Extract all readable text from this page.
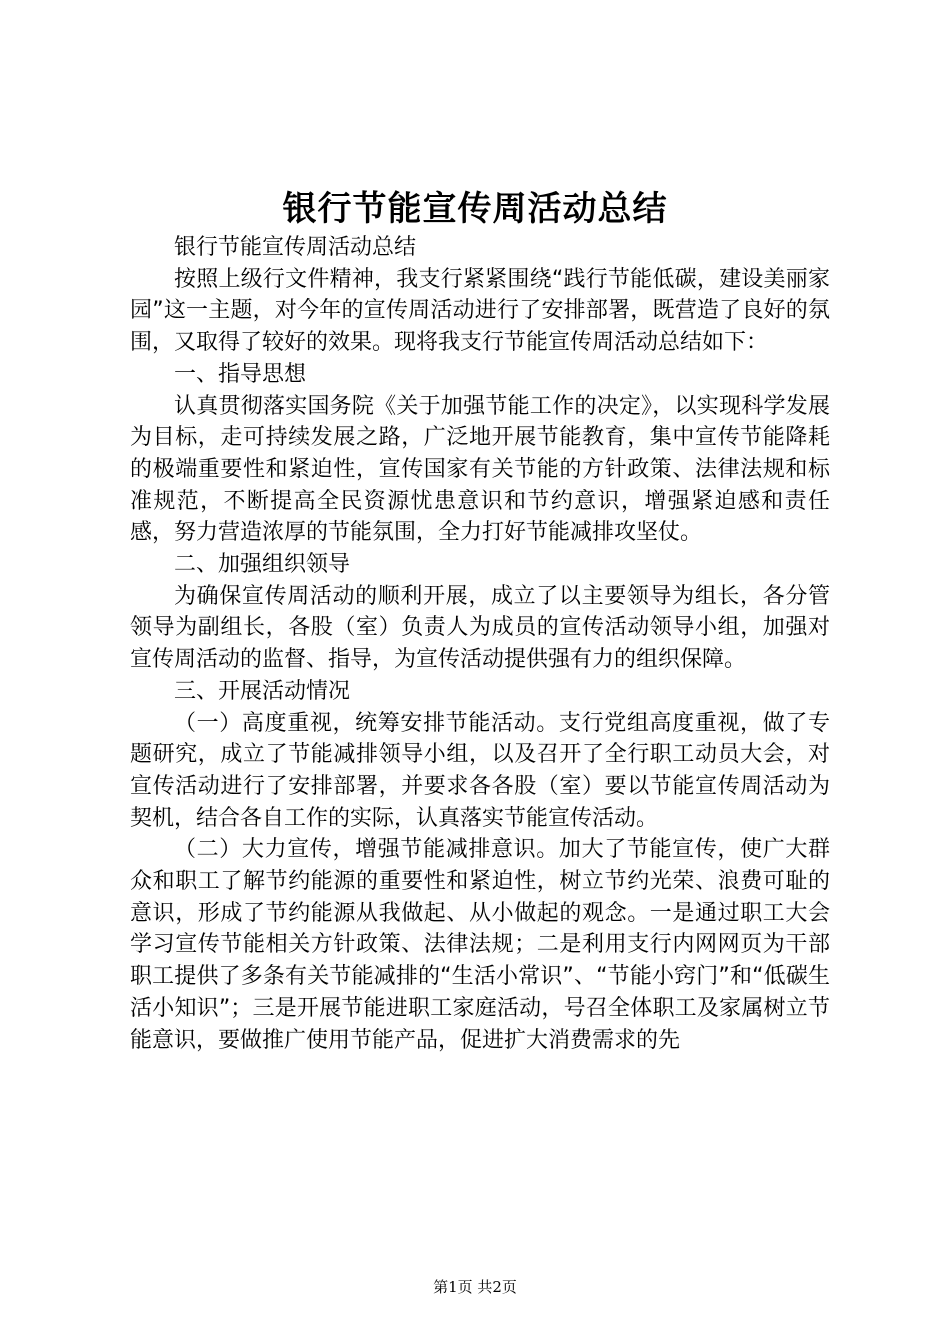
银行节能宣传周活动总结

银行节能宣传周活动总结

按照上级行文件精神，我支行紧紧围绕“践行节能低碳，建设美丽家园”这一主题，对今年的宣传周活动进行了安排部署，既营造了良好的氛围，又取得了较好的效果。现将我支行节能宣传周活动总结如下：

一、指导思想

认真贯彻落实国务院《关于加强节能工作的决定》，以实现科学发展为目标，走可持续发展之路，广泛地开展节能教育，集中宣传节能降耗的极端重要性和紧迫性，宣传国家有关节能的方针政策、法律法规和标准规范，不断提高全民资源忧患意识和节约意识，增强紧迫感和责任感，努力营造浓厚的节能氛围，全力打好节能减排攻坚仗。

二、加强组织领导

为确保宣传周活动的顺利开展，成立了以主要领导为组长，各分管领导为副组长，各股（室）负责人为成员的宣传活动领导小组，加强对宣传周活动的监督、指导，为宣传活动提供强有力的组织保障。

三、开展活动情况

（一）高度重视，统筹安排节能活动。支行党组高度重视，做了专题研究，成立了节能减排领导小组，以及召开了全行职工动员大会，对宣传活动进行了安排部署，并要求各各股（室）要以节能宣传周活动为契机，结合各自工作的实际，认真落实节能宣传活动。

（二）大力宣传，增强节能减排意识。加大了节能宣传，使广大群众和职工了解节约能源的重要性和紧迫性，树立节约光荣、浪费可耻的意识，形成了节约能源从我做起、从小做起的观念。一是通过职工大会学习宣传节能相关方针政策、法律法规；二是利用支行内网网页为干部职工提供了多条有关节能减排的“生活小常识”、“节能小窍门”和“低碳生活小知识”；三是开展节能进职工家庭活动，号召全体职工及家属树立节能意识，要做推广使用节能产品，促进扩大消费需求的先

第1页 共2页
